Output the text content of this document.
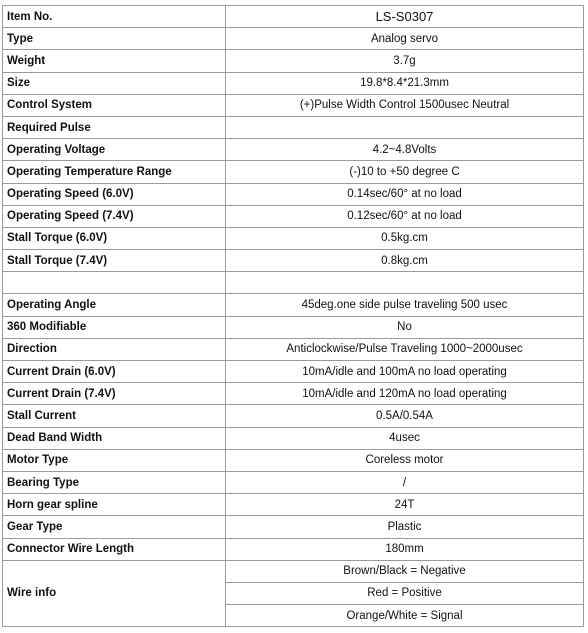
Item No.	LS-S0307
Type	Analog servo
Weight	3.7g
Size	19.8*8.4*21.3mm
Control System	(+)Pulse Width Control 1500usec Neutral
Required Pulse	
Operating Voltage	4.2~4.8Volts
Operating Temperature Range	(-)10 to +50 degree C
Operating Speed (6.0V)	0.14sec/60° at no load
Operating Speed (7.4V)	0.12sec/60° at no load
Stall Torque (6.0V)	0.5kg.cm
Stall Torque (7.4V)	0.8kg.cm

Operating Angle	45deg.one side pulse traveling 500 usec
360 Modifiable	No
Direction	Anticlockwise/Pulse Traveling 1000~2000usec
Current Drain (6.0V)	10mA/idle and 100mA no load operating
Current Drain (7.4V)	10mA/idle and 120mA no load operating
Stall Current	0.5A/0.54A
Dead Band Width	4usec
Motor Type	Coreless motor
Bearing Type	/
Horn gear spline	24T
Gear Type	Plastic
Connector Wire Length	180mm
Wire info	Brown/Black = Negative
	Red = Positive
	Orange/White = Signal
